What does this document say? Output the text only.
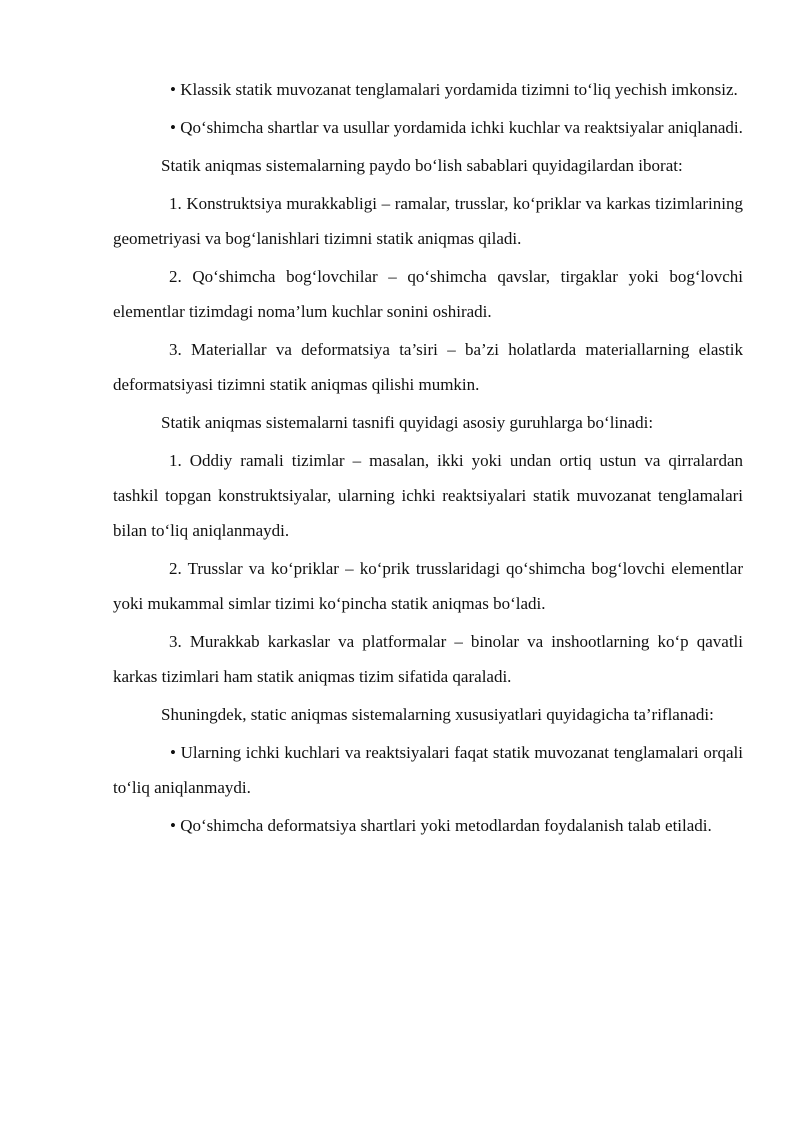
• Klassik statik muvozanat tenglamalari yordamida tizimni to‘liq yechish imkonsiz.

• Qo‘shimcha shartlar va usullar yordamida ichki kuchlar va reaktsiyalar aniqlanadi.

Statik aniqmas sistemalarning paydo bo‘lish sabablari quyidagilardan iborat:

1. Konstruktsiya murakkabligi – ramalar, trusslar, ko‘priklar va karkas tizimlarining geometriyasi va bog‘lanishlari tizimni statik aniqmas qiladi.

2. Qo‘shimcha bog‘lovchilar – qo‘shimcha qavslar, tirgaklar yoki bog‘lovchi elementlar tizimdagi noma’lum kuchlar sonini oshiradi.

3. Materiallar va deformatsiya ta’siri – ba’zi holatlarda materiallarning elastik deformatsiyasi tizimni statik aniqmas qilishi mumkin.

Statik aniqmas sistemalarni tasnifi quyidagi asosiy guruhlarga bo‘linadi:

1. Oddiy ramali tizimlar – masalan, ikki yoki undan ortiq ustun va qirralardan tashkil topgan konstruktsiyalar, ularning ichki reaktsiyalari statik muvozanat tenglamalari bilan to‘liq aniqlanmaydi.

2. Trusslar va ko‘priklar – ko‘prik trusslaridagi qo‘shimcha bog‘lovchi elementlar yoki mukammal simlar tizimi ko‘pincha statik aniqmas bo‘ladi.

3. Murakkab karkaslar va platformalar – binolar va inshootlarning ko‘p qavatli karkas tizimlari ham statik aniqmas tizim sifatida qaraladi.

Shuningdek, static aniqmas sistemalarning xususiyatlari quyidagicha ta’riflanadi:

• Ularning ichki kuchlari va reaktsiyalari faqat statik muvozanat tenglamalari orqali to‘liq aniqlanmaydi.

• Qo‘shimcha deformatsiya shartlari yoki metodlardan foydalanish talab etiladi.
